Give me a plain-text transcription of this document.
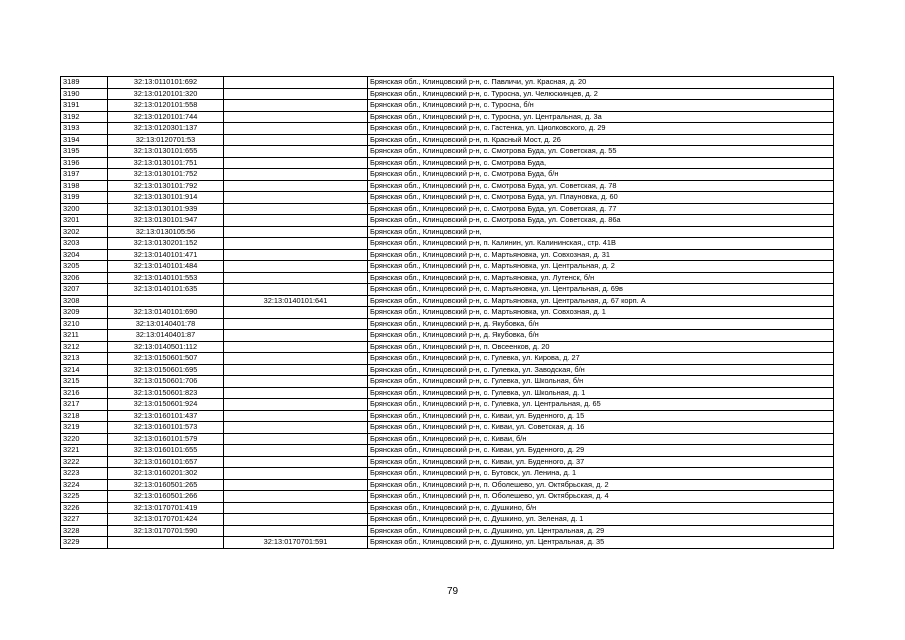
3189	32:13:0110101:692		Брянская обл., Клинцовский р-н, с. Павличи, ул. Красная, д. 20
3190	32:13:0120101:320		Брянская обл., Клинцовский р-н, с. Туросна, ул. Челюскинцев, д. 2
3191	32:13:0120101:558		Брянская обл., Клинцовский р-н, с. Туросна, б/н
3192	32:13:0120101:744		Брянская обл., Клинцовский р-н, с. Туросна, ул. Центральная, д. 3а
3193	32:13:0120301:137		Брянская обл., Клинцовский р-н, с. Гастенка, ул. Циолковского, д. 29
3194	32:13:0120701:53		Брянская обл., Клинцовский р-н, п. Красный Мост, д. 26
3195	32:13:0130101:655		Брянская обл., Клинцовский р-н, с. Смотрова Буда, ул. Советская, д. 55
3196	32:13:0130101:751		Брянская обл., Клинцовский р-н, с. Смотрова Буда,
3197	32:13:0130101:752		Брянская обл., Клинцовский р-н, с. Смотрова Буда, б/н
3198	32:13:0130101:792		Брянская обл., Клинцовский р-н, с. Смотрова Буда, ул. Советская, д. 78
3199	32:13:0130101:914		Брянская обл., Клинцовский р-н, с. Смотрова Буда, ул. Плауновка, д. 60
3200	32:13:0130101:939		Брянская обл., Клинцовский р-н, с. Смотрова Буда, ул. Советская, д. 77
3201	32:13:0130101:947		Брянская обл., Клинцовский р-н, с. Смотрова Буда, ул. Советская, д. 86а
3202	32:13:0130105:56		Брянская обл., Клинцовский р-н,
3203	32:13:0130201:152		Брянская обл., Клинцовский р-н, п. Калинин, ул. Калининская,, стр. 41В
3204	32:13:0140101:471		Брянская обл., Клинцовский р-н, с. Мартьяновка, ул. Совхозная, д. 31
3205	32:13:0140101:484		Брянская обл., Клинцовский р-н, с. Мартьяновка, ул. Центральная, д. 2
3206	32:13:0140101:553		Брянская обл., Клинцовский р-н, с. Мартьяновка, ул. Лутенск, б/н
3207	32:13:0140101:635		Брянская обл., Клинцовский р-н, с. Мартьяновка, ул. Центральная, д. 69в
3208		32:13:0140101:641	Брянская обл., Клинцовский р-н, с. Мартьяновка, ул. Центральная, д. 67 корп. А
3209	32:13:0140101:690		Брянская обл., Клинцовский р-н, с. Мартьяновка, ул. Совхозная, д. 1
3210	32:13:0140401:78		Брянская обл., Клинцовский р-н, д. Якубовка, б/н
3211	32:13:0140401:87		Брянская обл., Клинцовский р-н, д. Якубовка, б/н
3212	32:13:0140501:112		Брянская обл., Клинцовский р-н, п. Овсеенков, д. 20
3213	32:13:0150601:507		Брянская обл., Клинцовский р-н, с. Гулевка, ул. Кирова, д. 27
3214	32:13:0150601:695		Брянская обл., Клинцовский р-н, с. Гулевка, ул. Заводская, б/н
3215	32:13:0150601:706		Брянская обл., Клинцовский р-н, с. Гулевка, ул. Школьная, б/н
3216	32:13:0150601:823		Брянская обл., Клинцовский р-н, с. Гулевка, ул. Школьная, д. 1
3217	32:13:0150601:924		Брянская обл., Клинцовский р-н, с. Гулевка, ул. Центральная, д. 65
3218	32:13:0160101:437		Брянская обл., Клинцовский р-н, с. Киваи, ул. Буденного, д. 15
3219	32:13:0160101:573		Брянская обл., Клинцовский р-н, с. Киваи, ул. Советская, д. 16
3220	32:13:0160101:579		Брянская обл., Клинцовский р-н, с. Киваи, б/н
3221	32:13:0160101:655		Брянская обл., Клинцовский р-н, с. Киваи, ул. Буденного, д. 29
3222	32:13:0160101:657		Брянская обл., Клинцовский р-н, с. Киваи, ул. Буденного, д. 37
3223	32:13:0160201:302		Брянская обл., Клинцовский р-н, с. Бутовск, ул. Ленина, д. 1
3224	32:13:0160501:265		Брянская обл., Клинцовский р-н, п. Оболешево, ул. Октябрьская, д. 2
3225	32:13:0160501:266		Брянская обл., Клинцовский р-н, п. Оболешево, ул. Октябрьская, д. 4
3226	32:13:0170701:419		Брянская обл., Клинцовский р-н, с. Душкино, б/н
3227	32:13:0170701:424		Брянская обл., Клинцовский р-н, с. Душкино, ул. Зеленая, д. 1
3228	32:13:0170701:590		Брянская обл., Клинцовский р-н, с. Душкино, ул. Центральная, д. 29
3229		32:13:0170701:591	Брянская обл., Клинцовский р-н, с. Душкино, ул. Центральная, д. 35
79
